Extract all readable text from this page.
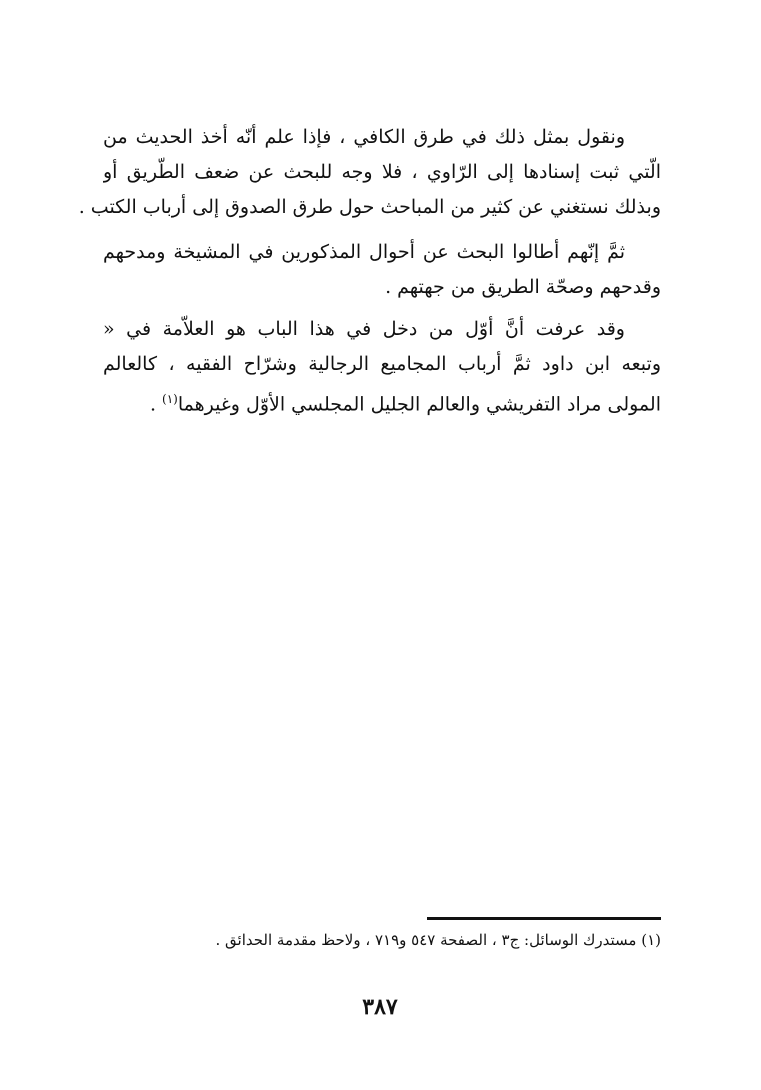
ونقول بمثل ذلك في طرق الكافي ، فإذا علم أنّه أخذ الحديث من
الّتي ثبت إسنادها إلى الرّاوي ، فلا وجه للبحث عن ضعف الطّريق أو
وبذلك نستغني عن كثير من المباحث حول طرق الصدوق إلى أرباب الكتب .
ثمَّ إنّهم أطالوا البحث عن أحوال المذكورين في المشيخة ومدحهم
وقدحهم وصحّة الطريق من جهتهم .
وقد عرفت أنَّ أوّل من دخل في هذا الباب هو العلاّمة في «
وتبعه ابن داود ثمَّ أرباب المجاميع الرجالية وشرّاح الفقيه ، كالعالم
المولى مراد التفريشي والعالم الجليل المجلسي الأوّل وغيرهما$^{(١)}$ .
(١) مستدرك الوسائل: ج٣ ، الصفحة ٥٤٧ و٧١٩ ، ولاحظ مقدمة الحدائق .
٣٨٧
